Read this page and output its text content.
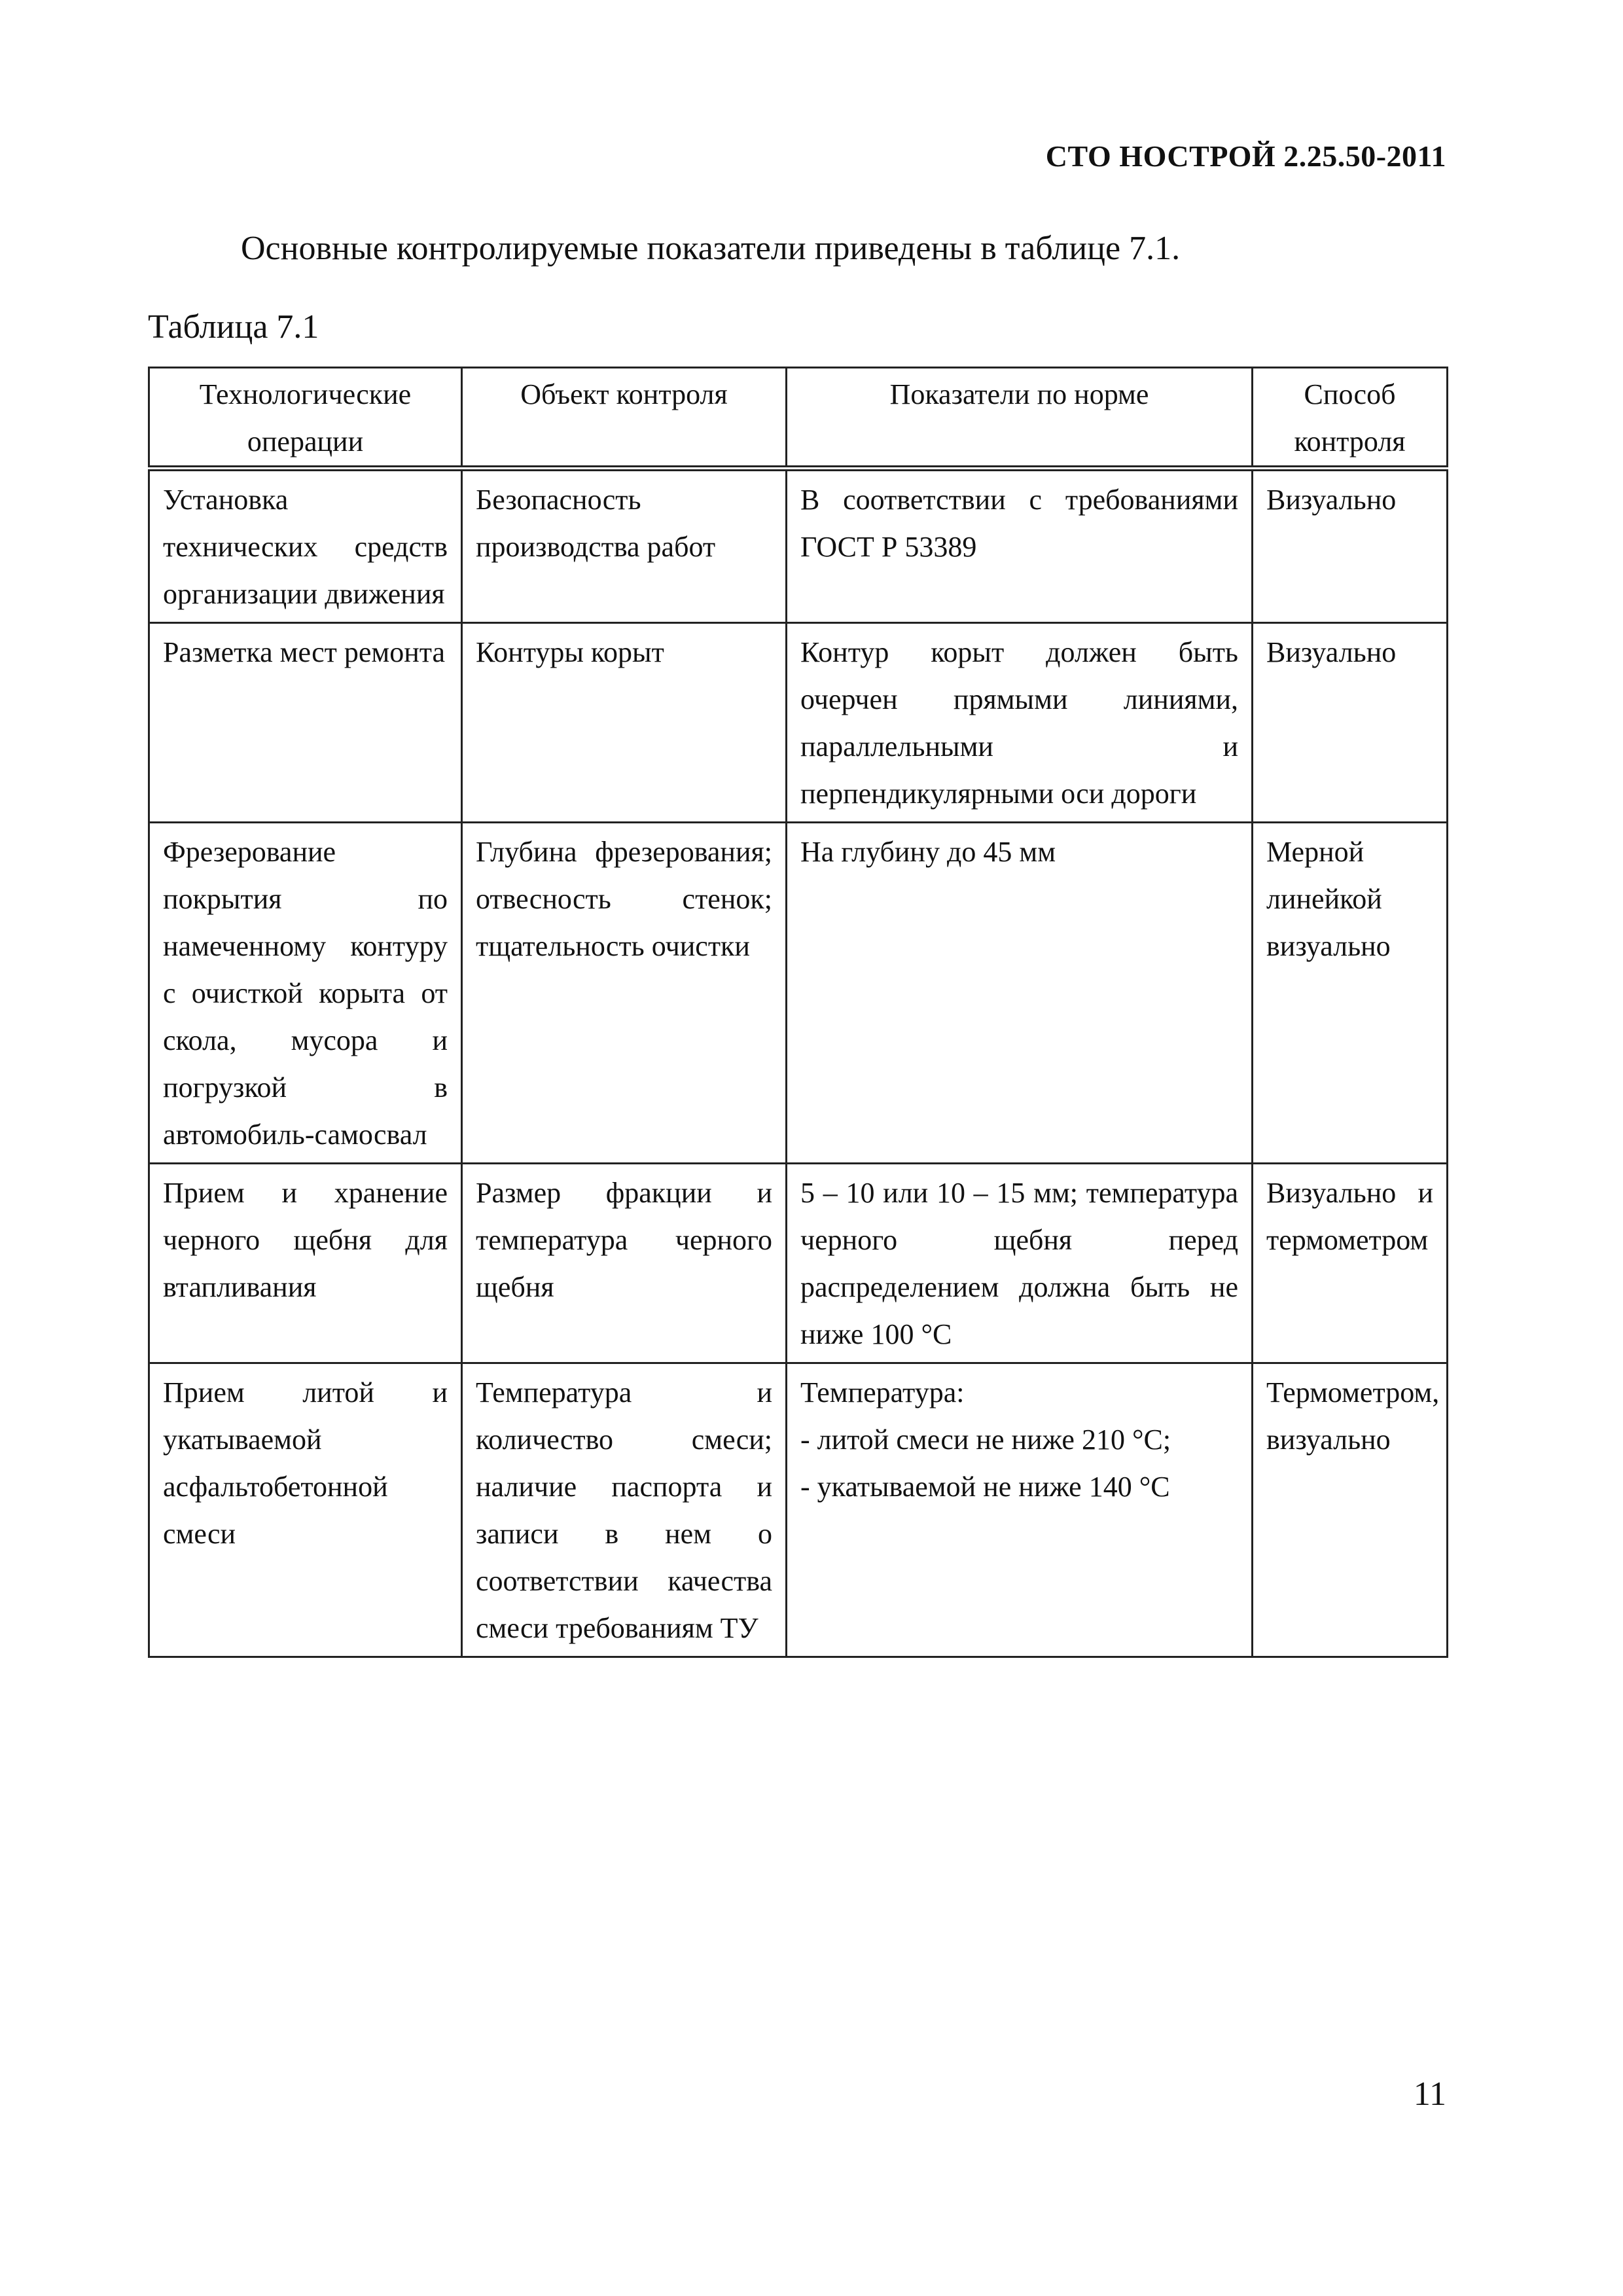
СТО НОСТРОЙ 2.25.50-2011
Основные контролируемые показатели приведены в таблице 7.1.
Таблица 7.1
Технологические операции	Объект контроля	Показатели по норме	Способ контроля
Установка технических средств организации движения	Безопасность производства работ	В соответствии с требованиями ГОСТ Р 53389	Визуально
Разметка мест ремонта	Контуры корыт	Контур корыт должен быть очерчен прямыми линиями, параллельными и перпендикулярными оси дороги	Визуально
Фрезерование покрытия по намеченному контуру с очисткой корыта от скола, мусора и погрузкой в автомобиль-самосвал	Глубина фрезерования; отвесность стенок; тщательность очистки	На глубину до 45 мм	Мерной линейкой визуально
Прием и хранение черного щебня для втапливания	Размер фракции и температура черного щебня	5 – 10 или 10 – 15 мм; температура черного щебня перед распределением должна быть не ниже 100 °С	Визуально и термометром
Прием литой и укатываемой асфальтобетонной смеси	Температура и количество смеси; наличие паспорта и записи в нем о соответствии качества смеси требованиям ТУ	Температура:
- литой смеси не ниже 210 °С;
- укатываемой не ниже 140 °С	Термометром, визуально
11
